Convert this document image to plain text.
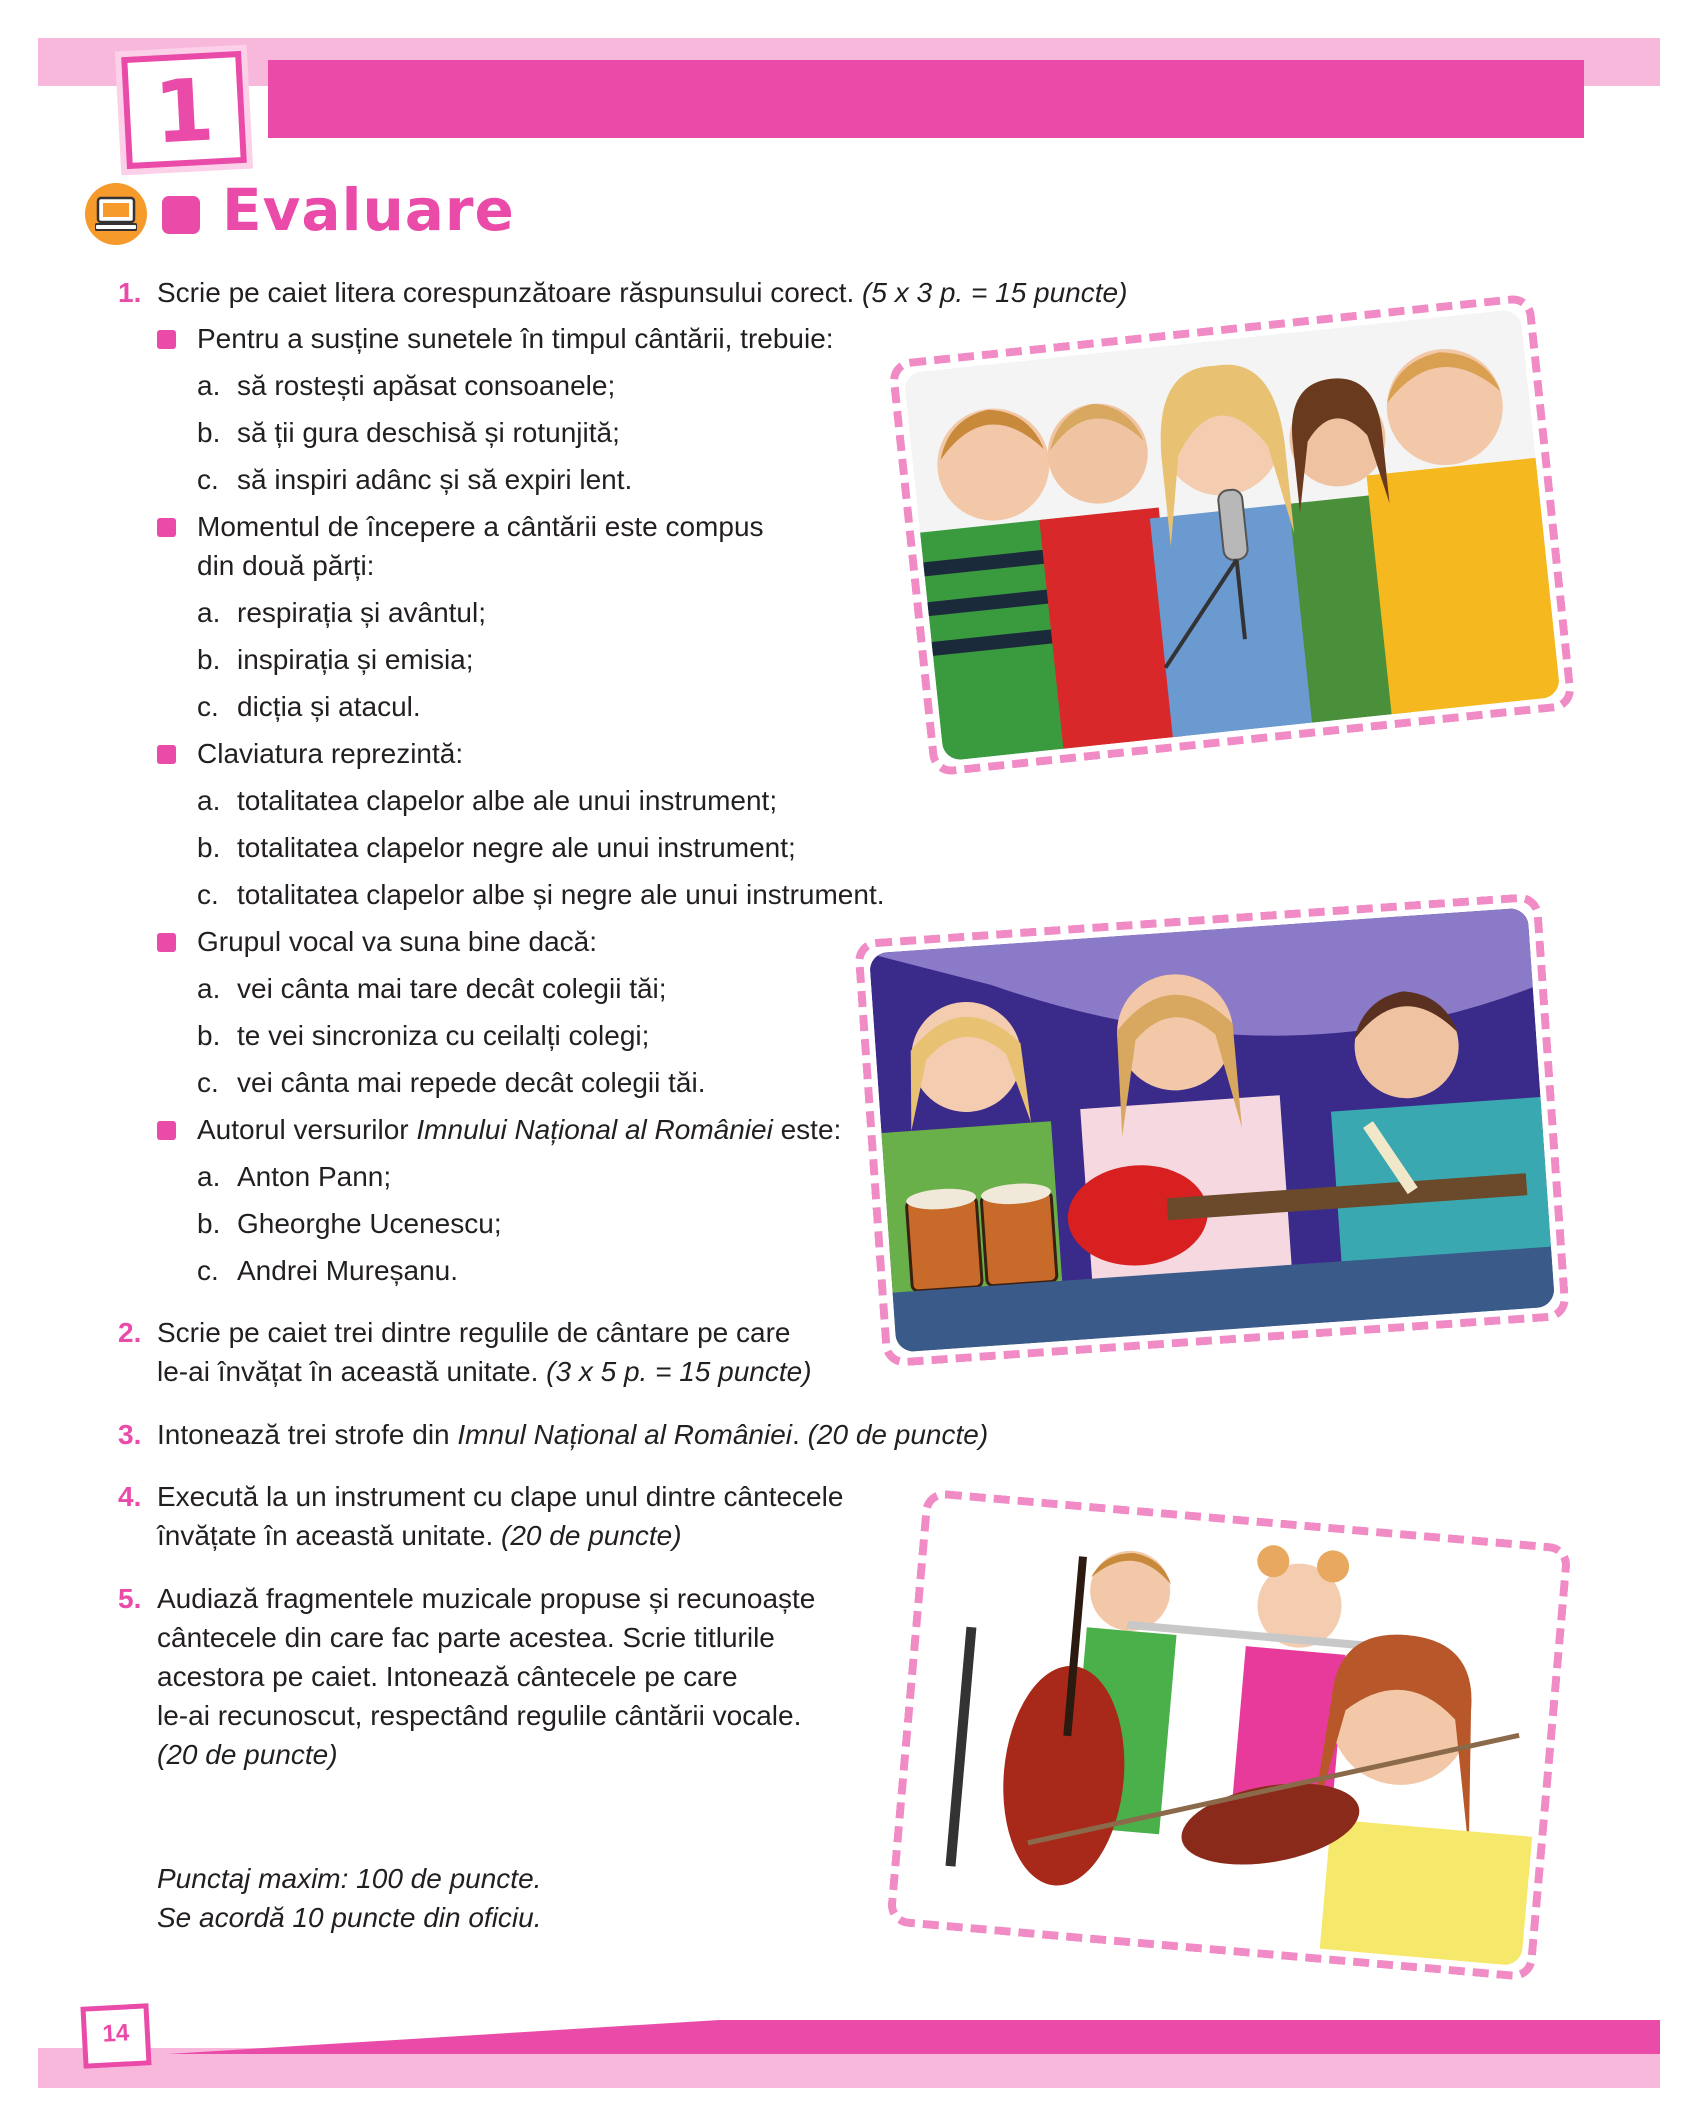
1
Evaluare
1. Scrie pe caiet litera corespunzătoare răspunsului corect. (5 x 3 p. = 15 puncte)
Pentru a susține sunetele în timpul cântării, trebuie:
a. să rostești apăsat consoanele;
b. să ții gura deschisă și rotunjită;
c. să inspiri adânc și să expiri lent.
Momentul de începere a cântării este compus
din două părți:
a. respirația și avântul;
b. inspirația și emisia;
c. dicția și atacul.
Claviatura reprezintă:
a. totalitatea clapelor albe ale unui instrument;
b. totalitatea clapelor negre ale unui instrument;
c. totalitatea clapelor albe și negre ale unui instrument.
Grupul vocal va suna bine dacă:
a. vei cânta mai tare decât colegii tăi;
b. te vei sincroniza cu ceilalți colegi;
c. vei cânta mai repede decât colegii tăi.
Autorul versurilor Imnului Național al României este:
a. Anton Pann;
b. Gheorghe Ucenescu;
c. Andrei Mureșanu.
2. Scrie pe caiet trei dintre regulile de cântare pe care
le-ai învățat în această unitate. (3 x 5 p. = 15 puncte)
3. Intonează trei strofe din Imnul Național al României. (20 de puncte)
4. Execută la un instrument cu clape unul dintre cântecele
învățate în această unitate. (20 de puncte)
5. Audiază fragmentele muzicale propuse și recunoaște
cântecele din care fac parte acestea. Scrie titlurile
acestora pe caiet. Intonează cântecele pe care
le-ai recunoscut, respectând regulile cântării vocale.
(20 de puncte)
Punctaj maxim: 100 de puncte.
Se acordă 10 puncte din oficiu.
14
